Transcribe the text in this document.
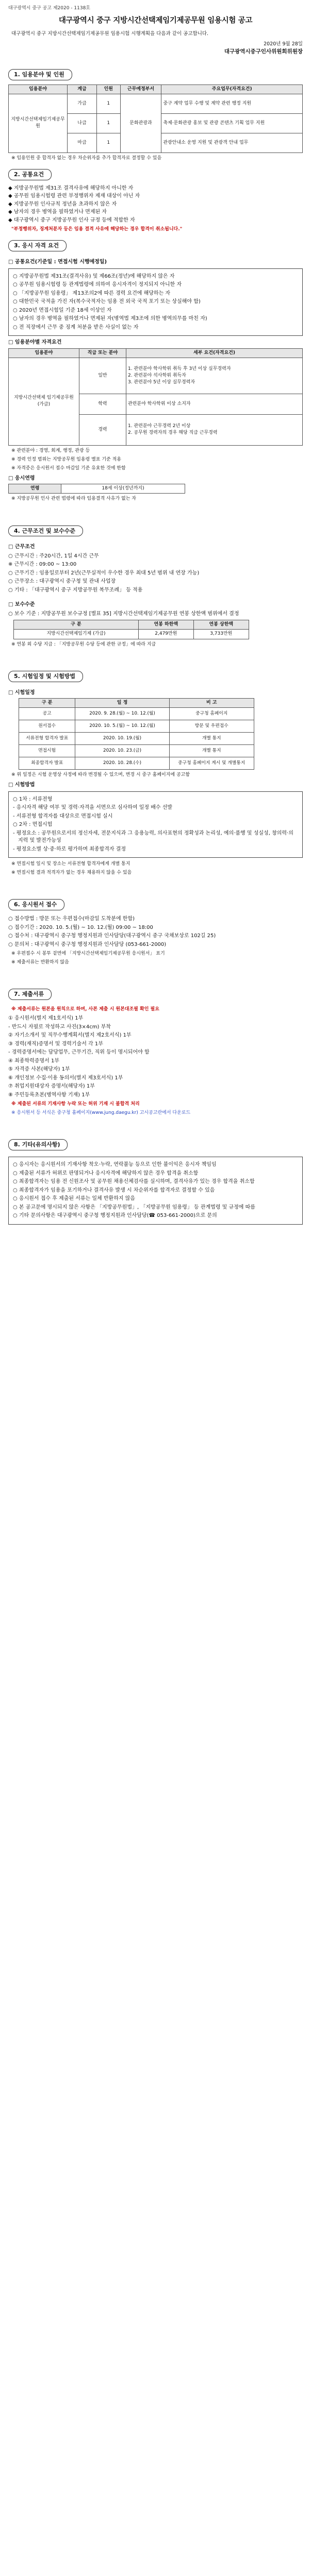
대구광역시 중구 공고 제2020 - 1138호
대구광역시 중구 지방시간선택제임기제공무원 임용시험 공고

대구광역시 중구 지방시간선택제임기제공무원 임용시험 시행계획을 다음과 같이 공고합니다.

2020년 9월 28일
대구광역시중구인사위원회위원장
1. 임용분야 및 인원
임용분야	계급	인원	근무예정부서	주요업무(자격요건)
지방시간선택제임기제공무원	가급	1	문화관광과	중구 계약 업무 수행 및 계약 관련 행정 지원
	나급	1		축제·문화관광 홍보 및 관광 콘텐츠 기획 업무 지원
	마급	1		관광안내소 운영 지원 및 관광객 안내 업무
※ 임용인원 중 합격자 없는 경우 차순위자를 추가 합격자로 결정할 수 있음
2. 공통요건
◆ 지방공무원법 제31조 결격사유에 해당하지 아니한 자
◆ 공무원 임용시험령 관련 부정행위자 제재 대상이 아닌 자
◆ 지방공무원 인사규칙 정년을 초과하지 않은 자
◆ 남자의 경우 병역을 필하였거나 면제된 자
◆ 대구광역시 중구 지방공무원 인사 규정 등에 적합한 자
"부정행위자, 징계처분자 등은 임용 결격 사유에 해당하는 경우 합격이 취소됩니다."
3. 응시 자격 요건
□ 공통요건(기준일 : 면접시험 시행예정일)
○ 지방공무원법 제31조(결격사유) 및 제66조(정년)에 해당하지 않은 자
○ 공무원 임용시험령 등 관계법령에 의하여 응시자격이 정지되지 아니한 자
○ 「지방공무원 임용령」 제13조의2에 따른 경력 요건에 해당하는 자
○ 대한민국 국적을 가진 자(복수국적자는 임용 전 외국 국적 포기 또는 상실해야 함)
○ 2020년 면접시험일 기준 18세 이상인 자
○ 남자의 경우 병역을 필하였거나 면제된 자(병역법 제3조에 의한 병역의무를 마친 자)
○ 전 직장에서 근무 중 징계 처분을 받은 사실이 없는 자
□ 임용분야별 자격요건
임용분야	직급 또는 분야	세부 요건(자격요건)
지방시간선택제 임기제공무원 (가급)	일반	1. 관련분야 학사학위 취득 후 3년 이상 실무경력자
2. 관련분야 석사학위 취득자
3. 관련분야 5년 이상 실무경력자
	학력	관련분야 학사학위 이상 소지자
	경력	1. 관련분야 근무경력 2년 이상
2. 공무원 경력자의 경우 해당 직급 근무경력
※ 관련분야 : 경영, 회계, 행정, 관광 등
※ 경력 인정 범위는 지방공무원 임용령 별표 기준 적용
※ 자격증은 응시원서 접수 마감일 기준 유효한 것에 한함
□ 응시연령
연령	18세 이상(정년까지)
※ 지방공무원 인사 관련 법령에 따라 임용결격 사유가 없는 자
4. 근무조건 및 보수수준
□ 근무조건
○ 근무시간 : 주20시간, 1일 4시간 근무
※ 근무시간 : 09:00 ~ 13:00
○ 근무기간 : 임용일로부터 2년(근무실적이 우수한 경우 최대 5년 범위 내 연장 가능)
○ 근무장소 : 대구광역시 중구청 및 관내 사업장
○ 기타 : 「대구광역시 중구 지방공무원 복무조례」 등 적용
□ 보수수준
○ 보수 기준 : 지방공무원 보수규정 [별표 35] 지방시간선택제임기제공무원 연봉 상한액 범위에서 결정
구 분	연봉 하한액	연봉 상한액
지방시간선택제임기제 (가급)	2,479만원	3,733만원
※ 연봉 외 수당 지급 : 「지방공무원 수당 등에 관한 규정」에 따라 지급
5. 시험일정 및 시험방법
□ 시험일정
구 분	일 정	비 고
공고	2020. 9. 28.(월) ~ 10. 12.(월)	중구청 홈페이지
원서접수	2020. 10. 5.(월) ~ 10. 12.(월)	방문 및 우편접수
서류전형 합격자 발표	2020. 10. 19.(월)	개별 통지
면접시험	2020. 10. 23.(금)	개별 통지
최종합격자 발표	2020. 10. 28.(수)	중구청 홈페이지 게시 및 개별통지
※ 위 일정은 시험 운영상 사정에 따라 변경될 수 있으며, 변경 시 중구 홈페이지에 공고함
□ 시험방법
○ 1차 : 서류전형
- 응시자격 해당 여부 및 경력·자격을 서면으로 심사하여 일정 배수 선발
- 서류전형 합격자를 대상으로 면접시험 실시
○ 2차 : 면접시험
- 평정요소 : 공무원으로서의 정신자세, 전문지식과 그 응용능력, 의사표현의 정확성과 논리성, 예의·품행 및 성실성, 창의력·의지력 및 발전가능성
- 평정요소별 상·중·하로 평가하며 최종합격자 결정
※ 면접시험 일시 및 장소는 서류전형 합격자에게 개별 통지
※ 면접시험 결과 적격자가 없는 경우 채용하지 않을 수 있음
6. 응시원서 접수
○ 접수방법 : 방문 또는 우편접수(마감일 도착분에 한함)
○ 접수기간 : 2020. 10. 5.(월) ~ 10. 12.(월) 09:00 ~ 18:00
○ 접수처 : 대구광역시 중구청 행정지원과 인사담당(대구광역시 중구 국채보상로 102길 25)
○ 문의처 : 대구광역시 중구청 행정지원과 인사담당 (053-661-2000)
※ 우편접수 시 봉투 겉면에 「지방시간선택제임기제공무원 응시원서」 표기
※ 제출서류는 반환하지 않음
7. 제출서류
※ 제출서류는 원본을 원칙으로 하며, 사본 제출 시 원본대조필 확인 필요
① 응시원서(별지 제1호서식) 1부
- 반드시 자필로 작성하고 사진(3×4cm) 부착
② 자기소개서 및 직무수행계획서(별지 제2호서식) 1부
③ 경력(재직)증명서 및 경력기술서 각 1부
- 경력증명서에는 담당업무, 근무기간, 직위 등이 명시되어야 함
④ 최종학력증명서 1부
⑤ 자격증 사본(해당자) 1부
⑥ 개인정보 수집·이용 동의서(별지 제3호서식) 1부
⑦ 취업지원대상자 증명서(해당자) 1부
⑧ 주민등록초본(병역사항 기재) 1부
※ 제출된 서류의 기재사항 누락 또는 허위 기재 시 불합격 처리
※ 응시원서 등 서식은 중구청 홈페이지(www.jung.daegu.kr) 고시공고란에서 다운로드
8. 기타(유의사항)
○ 응시자는 응시원서의 기재사항 착오·누락, 연락불능 등으로 인한 불이익은 응시자 책임임
○ 제출된 서류가 허위로 판명되거나 응시자격에 해당하지 않은 경우 합격을 취소함
○ 최종합격자는 임용 전 신원조사 및 공무원 채용신체검사를 실시하며, 결격사유가 있는 경우 합격을 취소함
○ 최종합격자가 임용을 포기하거나 결격사유 발생 시 차순위자를 합격자로 결정할 수 있음
○ 응시원서 접수 후 제출된 서류는 일체 반환하지 않음
○ 본 공고문에 명시되지 않은 사항은 「지방공무원법」, 「지방공무원 임용령」 등 관계법령 및 규정에 따름
○ 기타 문의사항은 대구광역시 중구청 행정지원과 인사담당(☎ 053-661-2000)으로 문의
